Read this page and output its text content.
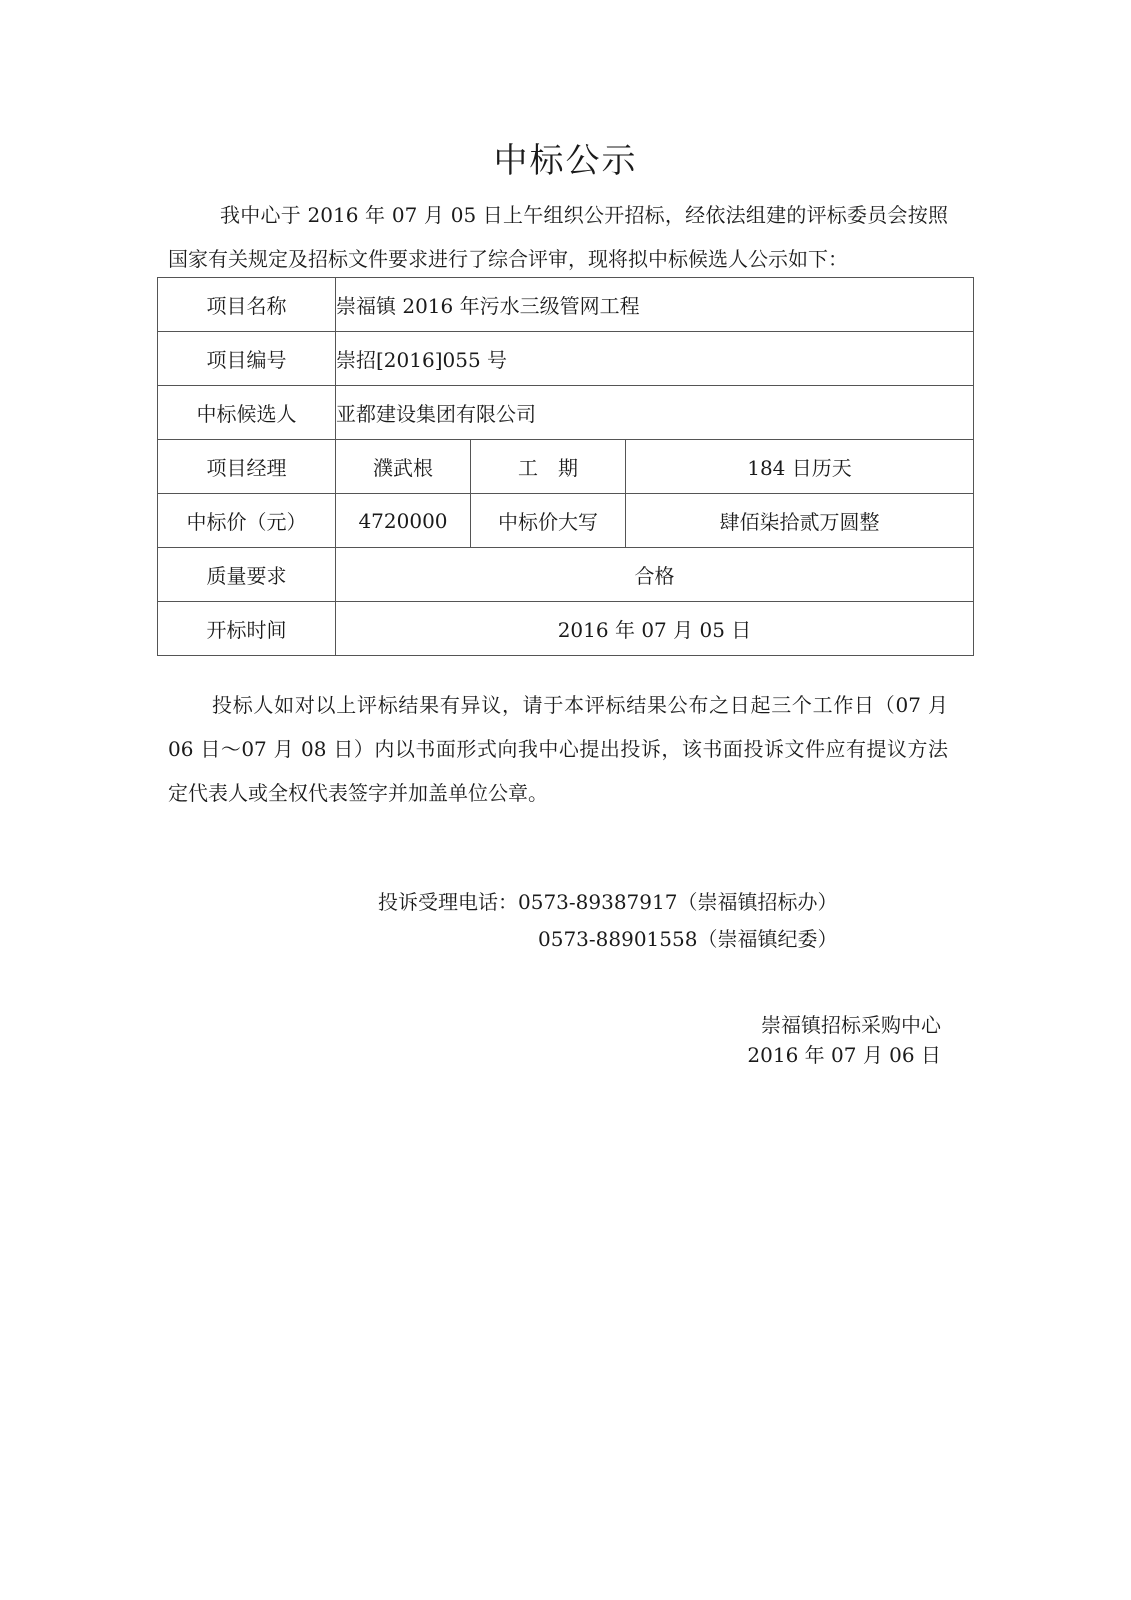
中标公示
我中心于 2016 年 07 月 05 日上午组织公开招标，经依法组建的评标委员会按照国家有关规定及招标文件要求进行了综合评审，现将拟中标候选人公示如下：
项目名称	崇福镇 2016 年污水三级管网工程		
项目编号	崇招[2016]055 号		
中标候选人	亚都建设集团有限公司		
项目经理	濮武根	工　期	184 日历天
中标价（元）	4720000	中标价大写	肆佰柒拾贰万圆整
质量要求	合格		
开标时间	2016 年 07 月 05 日		
投标人如对以上评标结果有异议，请于本评标结果公布之日起三个工作日（07 月 06 日～07 月 08 日）内以书面形式向我中心提出投诉，该书面投诉文件应有提议方法定代表人或全权代表签字并加盖单位公章。
投诉受理电话：0573-89387917（崇福镇招标办）
0573-88901558（崇福镇纪委）
崇福镇招标采购中心
2016 年 07 月 06 日
